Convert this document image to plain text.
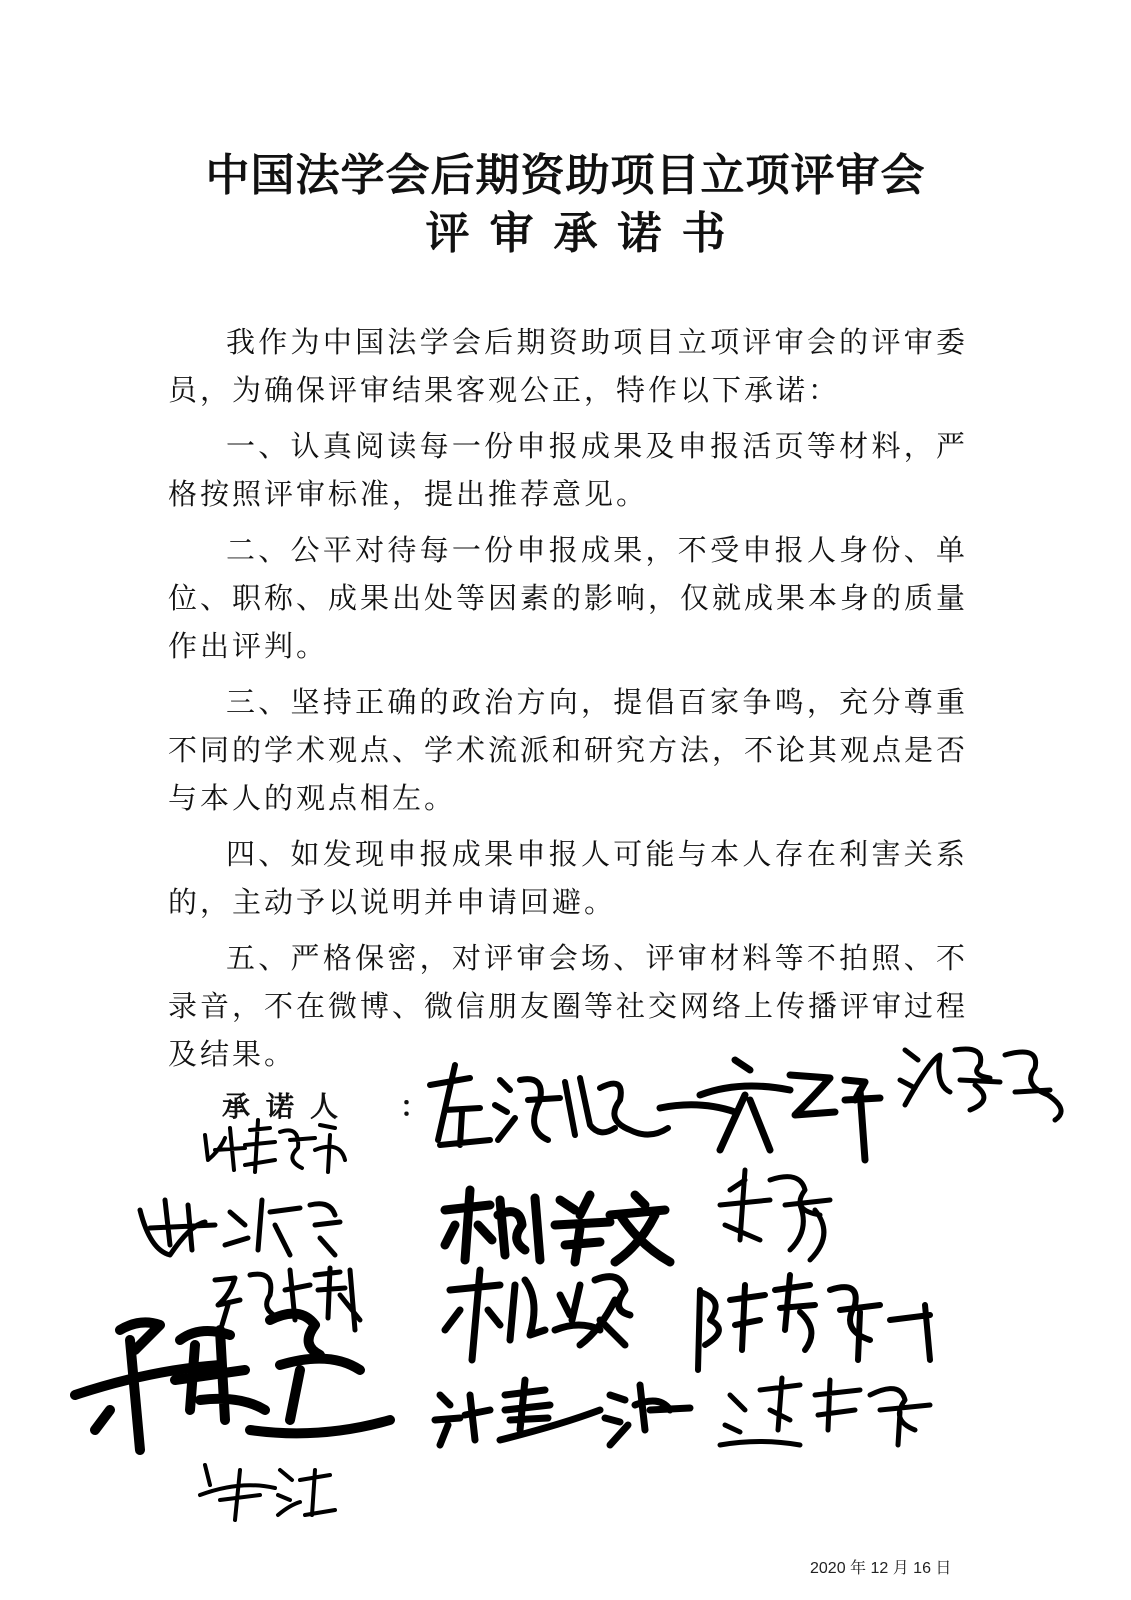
中国法学会后期资助项目立项评审会
评审承诺书

我作为中国法学会后期资助项目立项评审会的评审委员，为确保评审结果客观公正，特作以下承诺：

一、认真阅读每一份申报成果及申报活页等材料，严格按照评审标准，提出推荐意见。

二、公平对待每一份申报成果，不受申报人身份、单位、职称、成果出处等因素的影响，仅就成果本身的质量作出评判。

三、坚持正确的政治方向，提倡百家争鸣，充分尊重不同的学术观点、学术流派和研究方法，不论其观点是否与本人的观点相左。

四、如发现申报成果申报人可能与本人存在利害关系的，主动予以说明并申请回避。

五、严格保密，对评审会场、评审材料等不拍照、不录音，不在微博、微信朋友圈等社交网络上传播评审过程及结果。

承诺人 ：
2020 年 12 月 16 日
